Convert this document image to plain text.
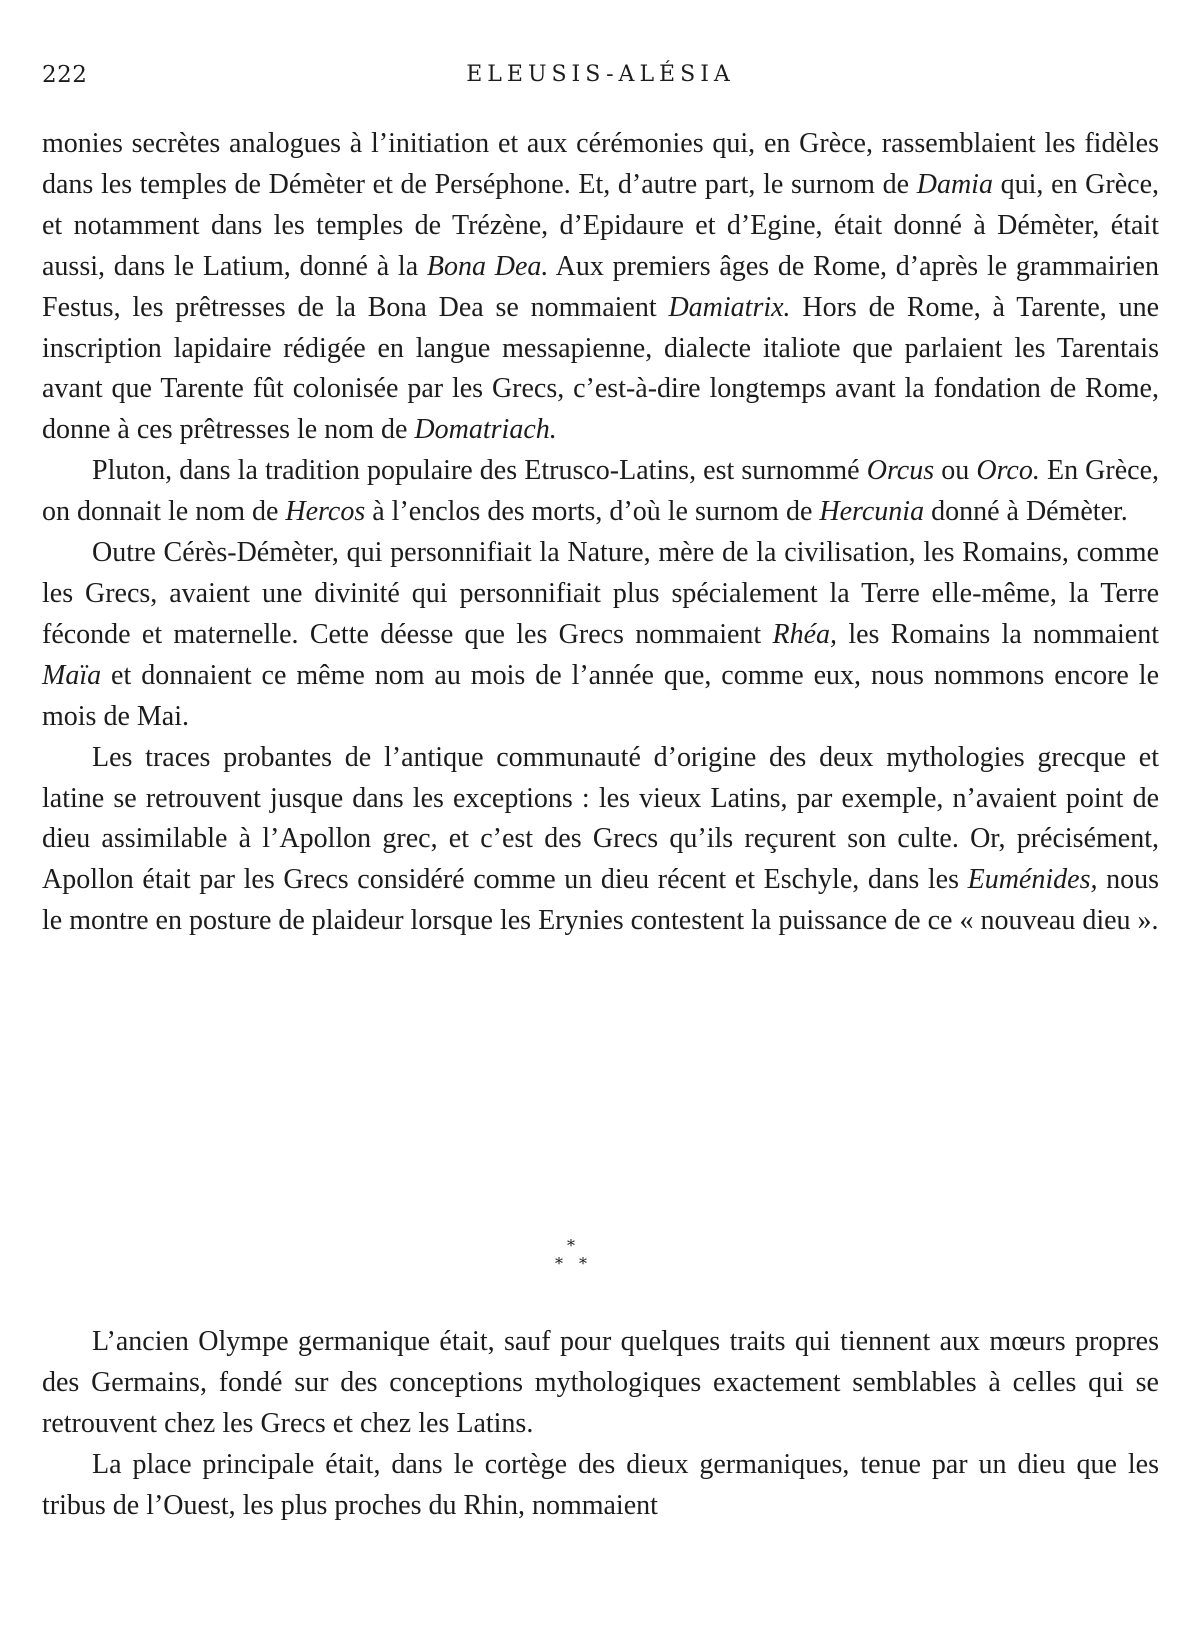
222	ELEUSIS-ALÉSIA

monies secrètes analogues à l’initiation et aux cérémonies qui, en Grèce, rassemblaient les fidèles dans les temples de Démèter et de Perséphone. Et, d’autre part, le surnom de Damia qui, en Grèce, et notamment dans les temples de Trézène, d’Epidaure et d’Egine, était donné à Démèter, était aussi, dans le Latium, donné à la Bona Dea. Aux premiers âges de Rome, d’après le grammairien Festus, les prêtresses de la Bona Dea se nommaient Damiatrix. Hors de Rome, à Tarente, une inscription lapidaire rédigée en langue messapienne, dialecte italiote que parlaient les Tarentais avant que Tarente fût colonisée par les Grecs, c’est-à-dire longtemps avant la fondation de Rome, donne à ces prêtresses le nom de Domatriach.

Pluton, dans la tradition populaire des Etrusco-Latins, est surnommé Orcus ou Orco. En Grèce, on donnait le nom de Hercos à l’enclos des morts, d’où le surnom de Hercunia donné à Démèter.

Outre Cérès-Démèter, qui personnifiait la Nature, mère de la civilisation, les Romains, comme les Grecs, avaient une divinité qui personnifiait plus spécialement la Terre elle-même, la Terre féconde et maternelle. Cette déesse que les Grecs nommaient Rhéa, les Romains la nommaient Maïa et donnaient ce même nom au mois de l’année que, comme eux, nous nommons encore le mois de Mai.

Les traces probantes de l’antique communauté d’origine des deux mythologies grecque et latine se retrouvent jusque dans les exceptions : les vieux Latins, par exemple, n’avaient point de dieu assimilable à l’Apollon grec, et c’est des Grecs qu’ils reçurent son culte. Or, précisément, Apollon était par les Grecs considéré comme un dieu récent et Eschyle, dans les Euménides, nous le montre en posture de plaideur lorsque les Erynies contestent la puissance de ce « nouveau dieu ».

*
* *

L’ancien Olympe germanique était, sauf pour quelques traits qui tiennent aux mœurs propres des Germains, fondé sur des conceptions mythologiques exactement semblables à celles qui se retrouvent chez les Grecs et chez les Latins.

La place principale était, dans le cortège des dieux germaniques, tenue par un dieu que les tribus de l’Ouest, les plus proches du Rhin, nommaient
